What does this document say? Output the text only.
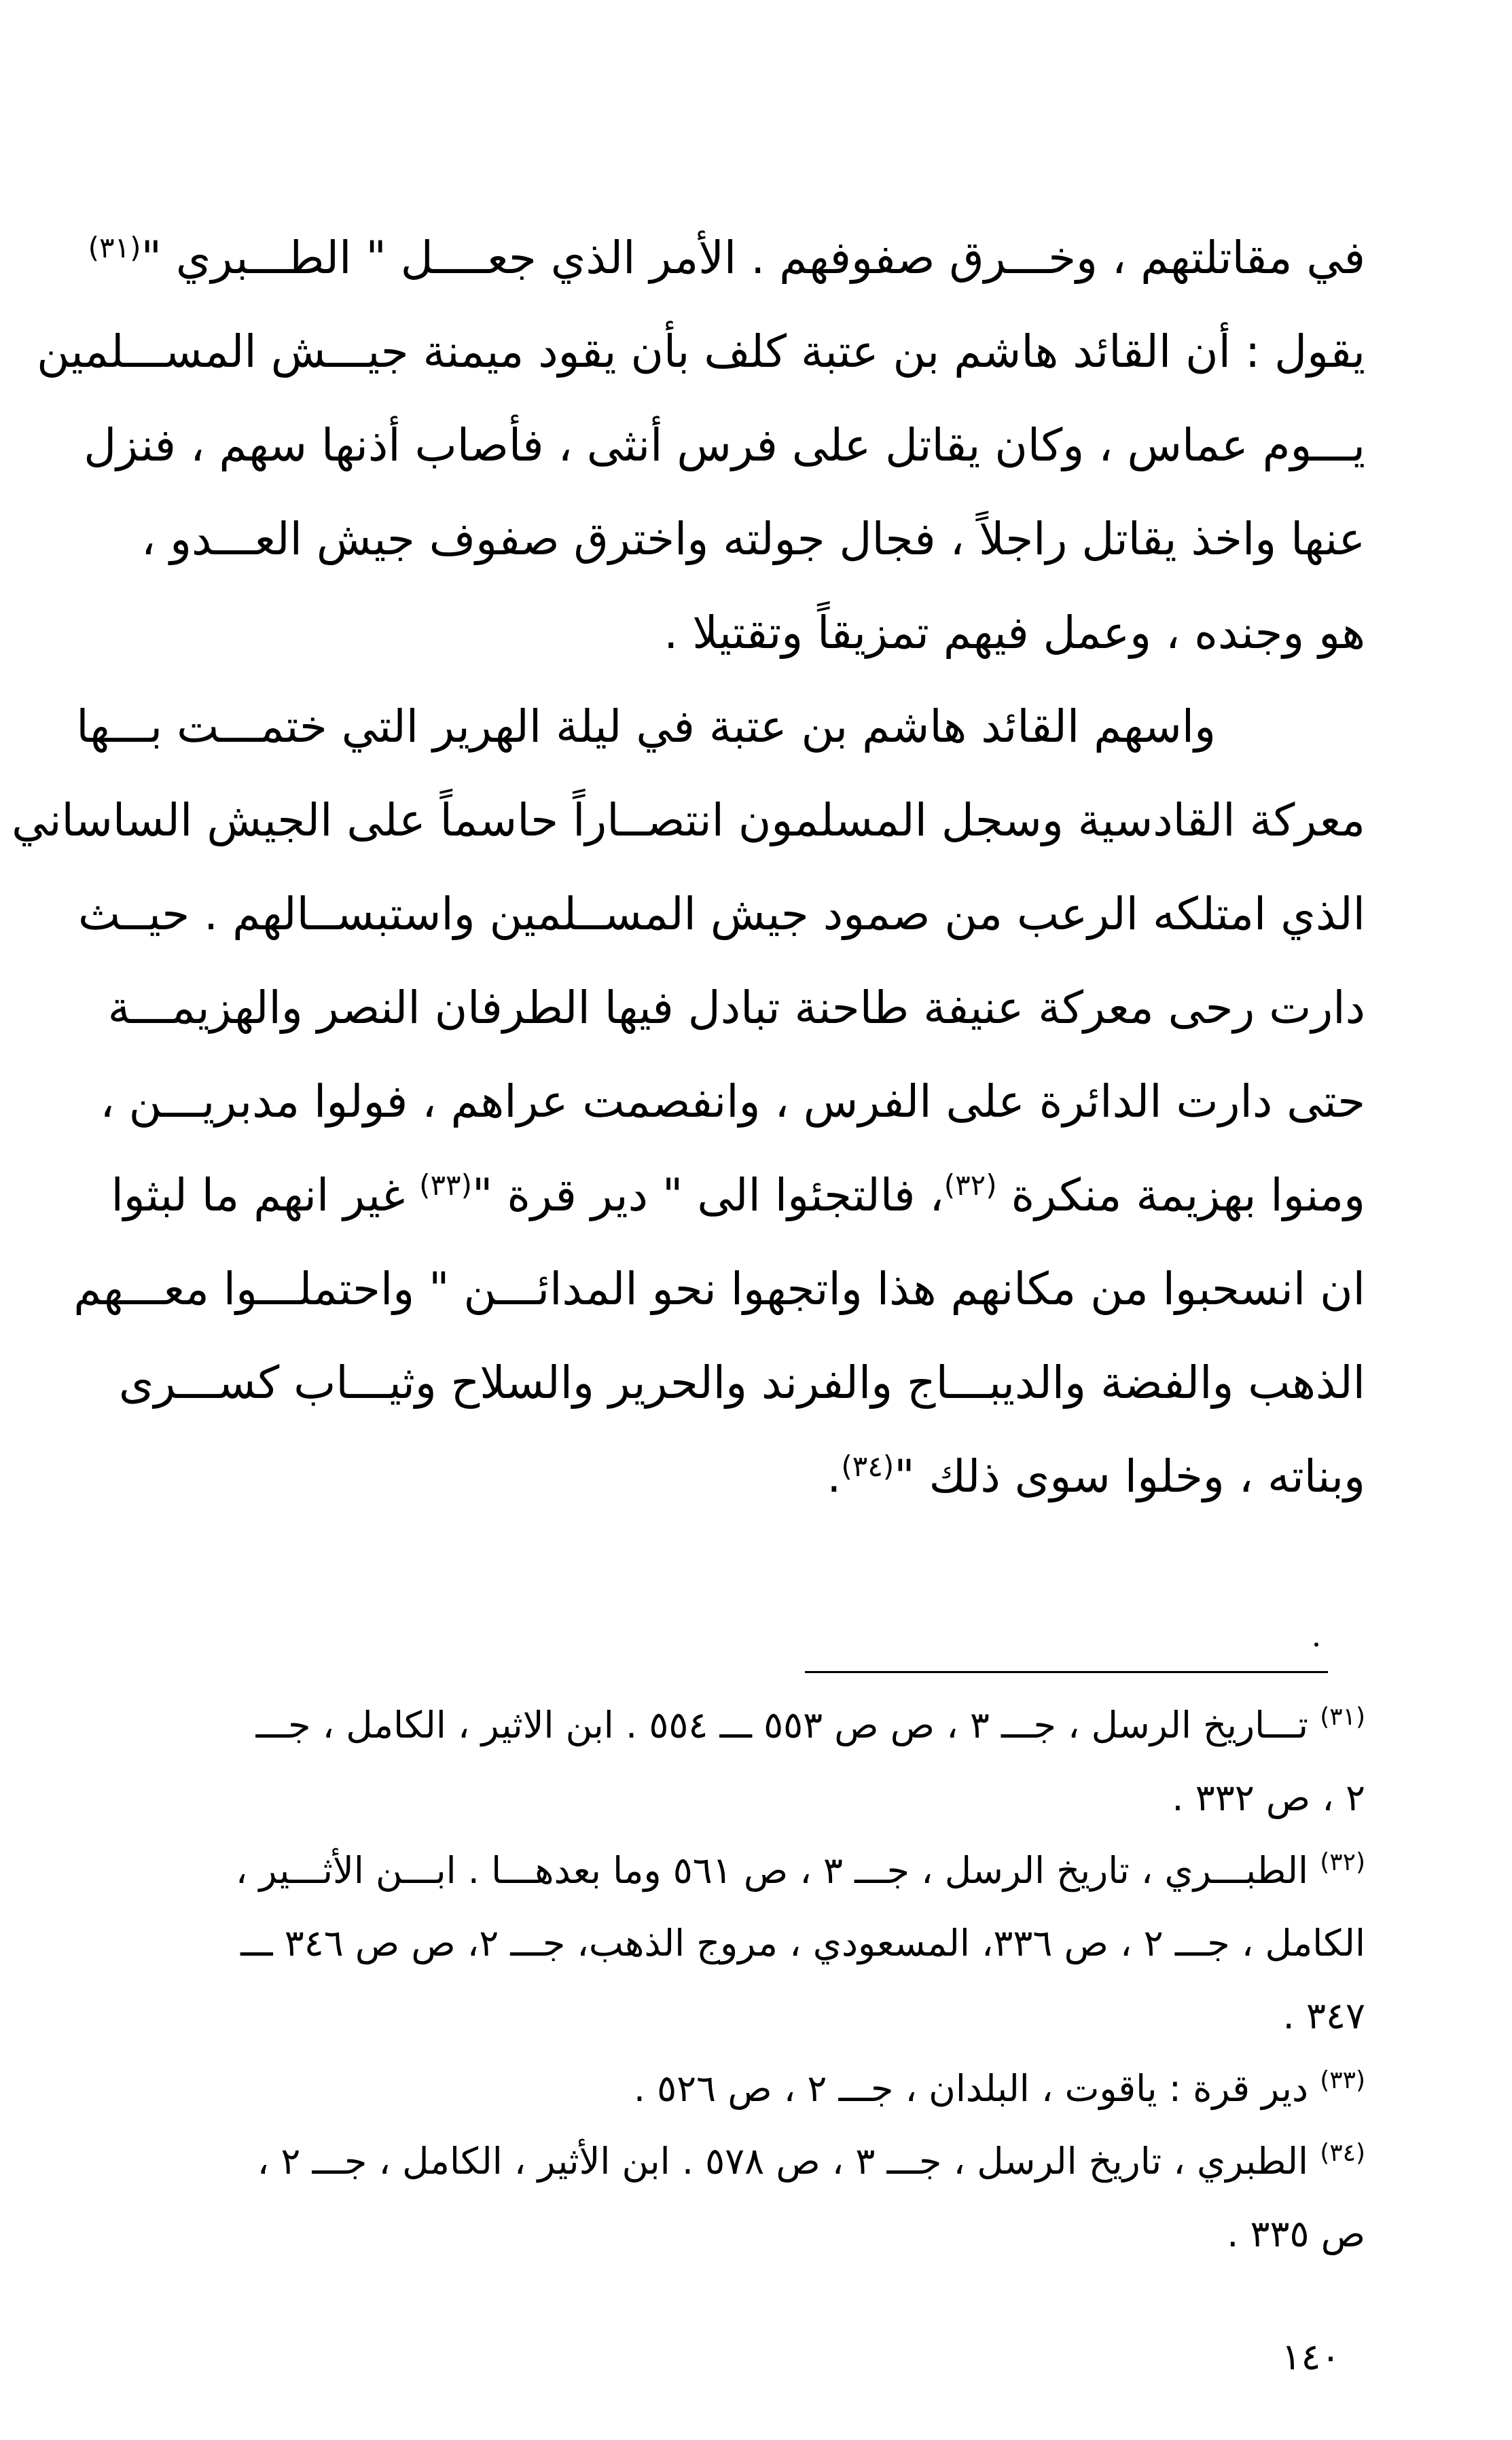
في مقاتلتهم ، وخـــرق صفوفهم . الأمر الذي جعــــل " الطـــبري "$^{(٣١)}$
يقول : أن القائد هاشم بن عتبة كلف بأن يقود ميمنة جيـــش المســـلمين
يـــوم عماس ، وكان يقاتل على فرس أنثى ، فأصاب أذنها سهم ، فنزل
عنها واخذ يقاتل راجلاً ، فجال جولته واخترق صفوف جيش العـــدو ،
هو وجنده ، وعمل فيهم تمزيقاً وتقتيلا .
واسهم القائد هاشم بن عتبة في ليلة الهرير التي ختمـــت بـــها
معركة القادسية وسجل المسلمون انتصــاراً حاسماً على الجيش الساساني
الذي امتلكه الرعب من صمود جيش المســلمين واستبســالهم . حيــث
دارت رحى معركة عنيفة طاحنة تبادل فيها الطرفان النصر والهزيمـــة
حتى دارت الدائرة على الفرس ، وانفصمت عراهم ، فولوا مدبريـــن ،
ومنوا بهزيمة منكرة $^{(٣٢)}$، فالتجئوا الى " دير قرة "$^{(٣٣)}$ غير انهم ما لبثوا
ان انسحبوا من مكانهم هذا واتجهوا نحو المدائـــن " واحتملـــوا معـــهم
الذهب والفضة والديبـــاج والفرند والحرير والسلاح وثيـــاب كســـرى
وبناته ، وخلوا سوى ذلك "$^{(٣٤)}$.
$^{(٣١)}$ تـــاريخ الرسل ، جـــ ٣ ، ص ص ٥٥٣ ـــ ٥٥٤ . ابن الاثير ، الكامل ، جـــ
٢ ، ص ٣٣٢ .
$^{(٣٢)}$ الطبـــري ، تاريخ الرسل ، جـــ ٣ ، ص ٥٦١ وما بعدهـــا . ابـــن الأثـــير ،
الكامل ، جـــ ٢ ، ص ٣٣٦، المسعودي ، مروج الذهب، جـــ ٢، ص ص ٣٤٦ ـــ
٣٤٧ .
$^{(٣٣)}$ دير قرة : ياقوت ، البلدان ، جـــ ٢ ، ص ٥٢٦ .
$^{(٣٤)}$ الطبري ، تاريخ الرسل ، جـــ ٣ ، ص ٥٧٨ . ابن الأثير ، الكامل ، جـــ ٢ ،
ص ٣٣٥ .
١٤٠
